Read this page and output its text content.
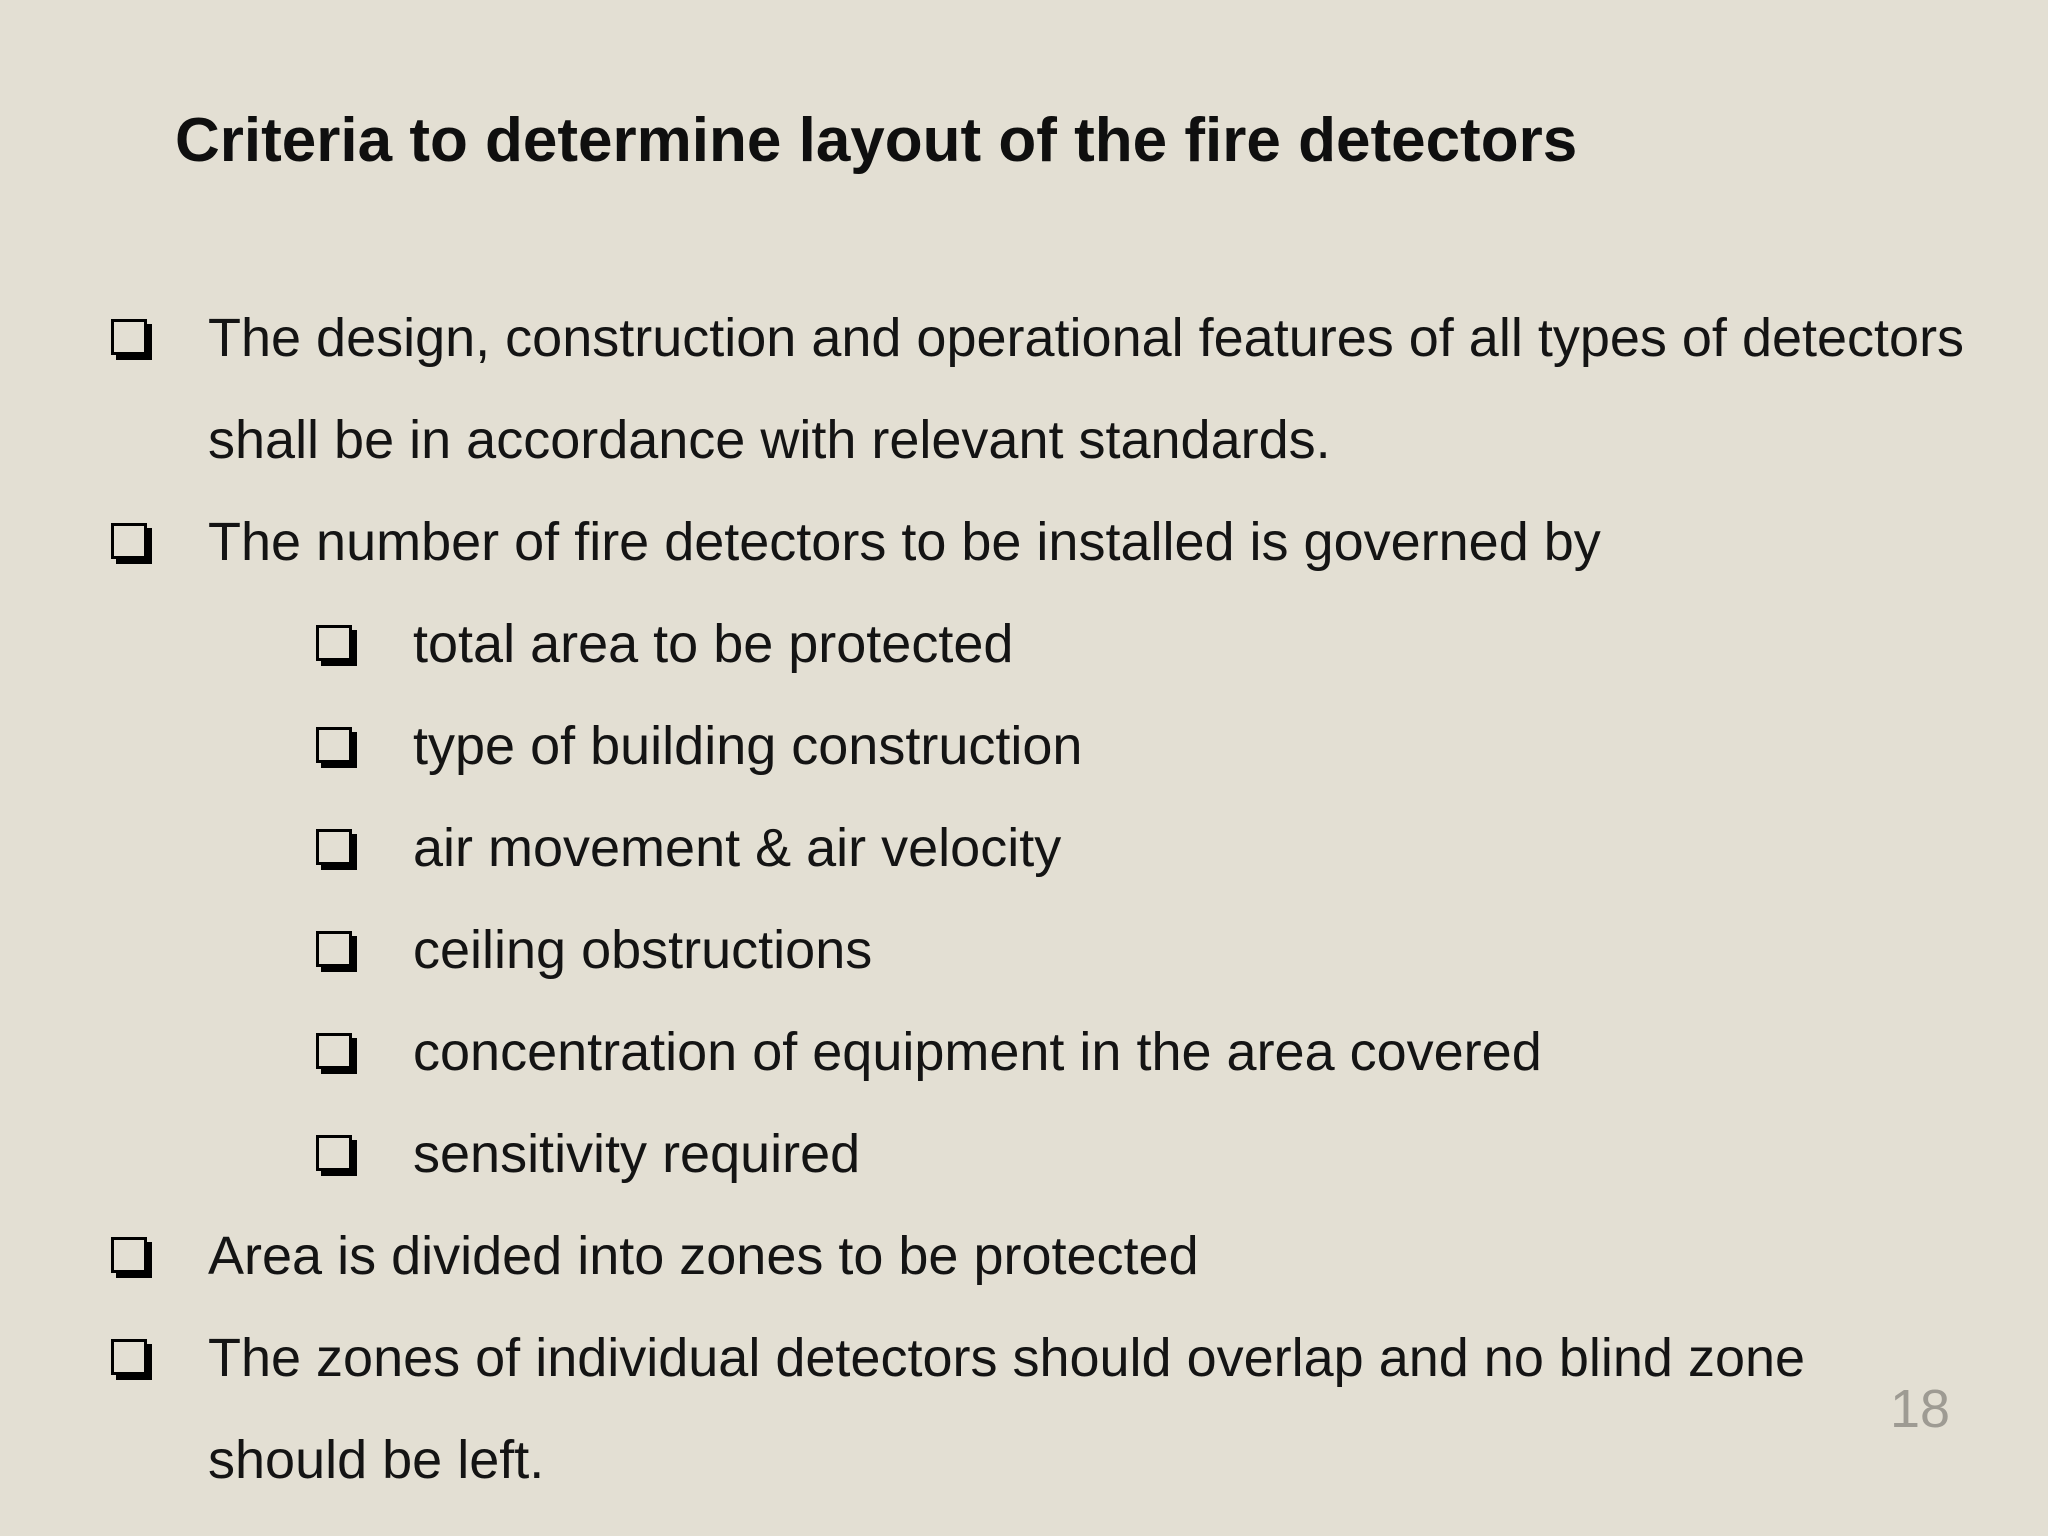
Criteria to determine layout of the fire detectors
The design, construction and operational features of all types of detectors shall be in accordance with relevant standards.
The number of fire detectors to be installed is governed by
total area to be protected
type of building construction
air movement & air velocity
ceiling obstructions
concentration of equipment in the area covered
sensitivity required
Area is divided into zones to be protected
The zones of individual detectors should overlap and no blind zone should be left.
18
